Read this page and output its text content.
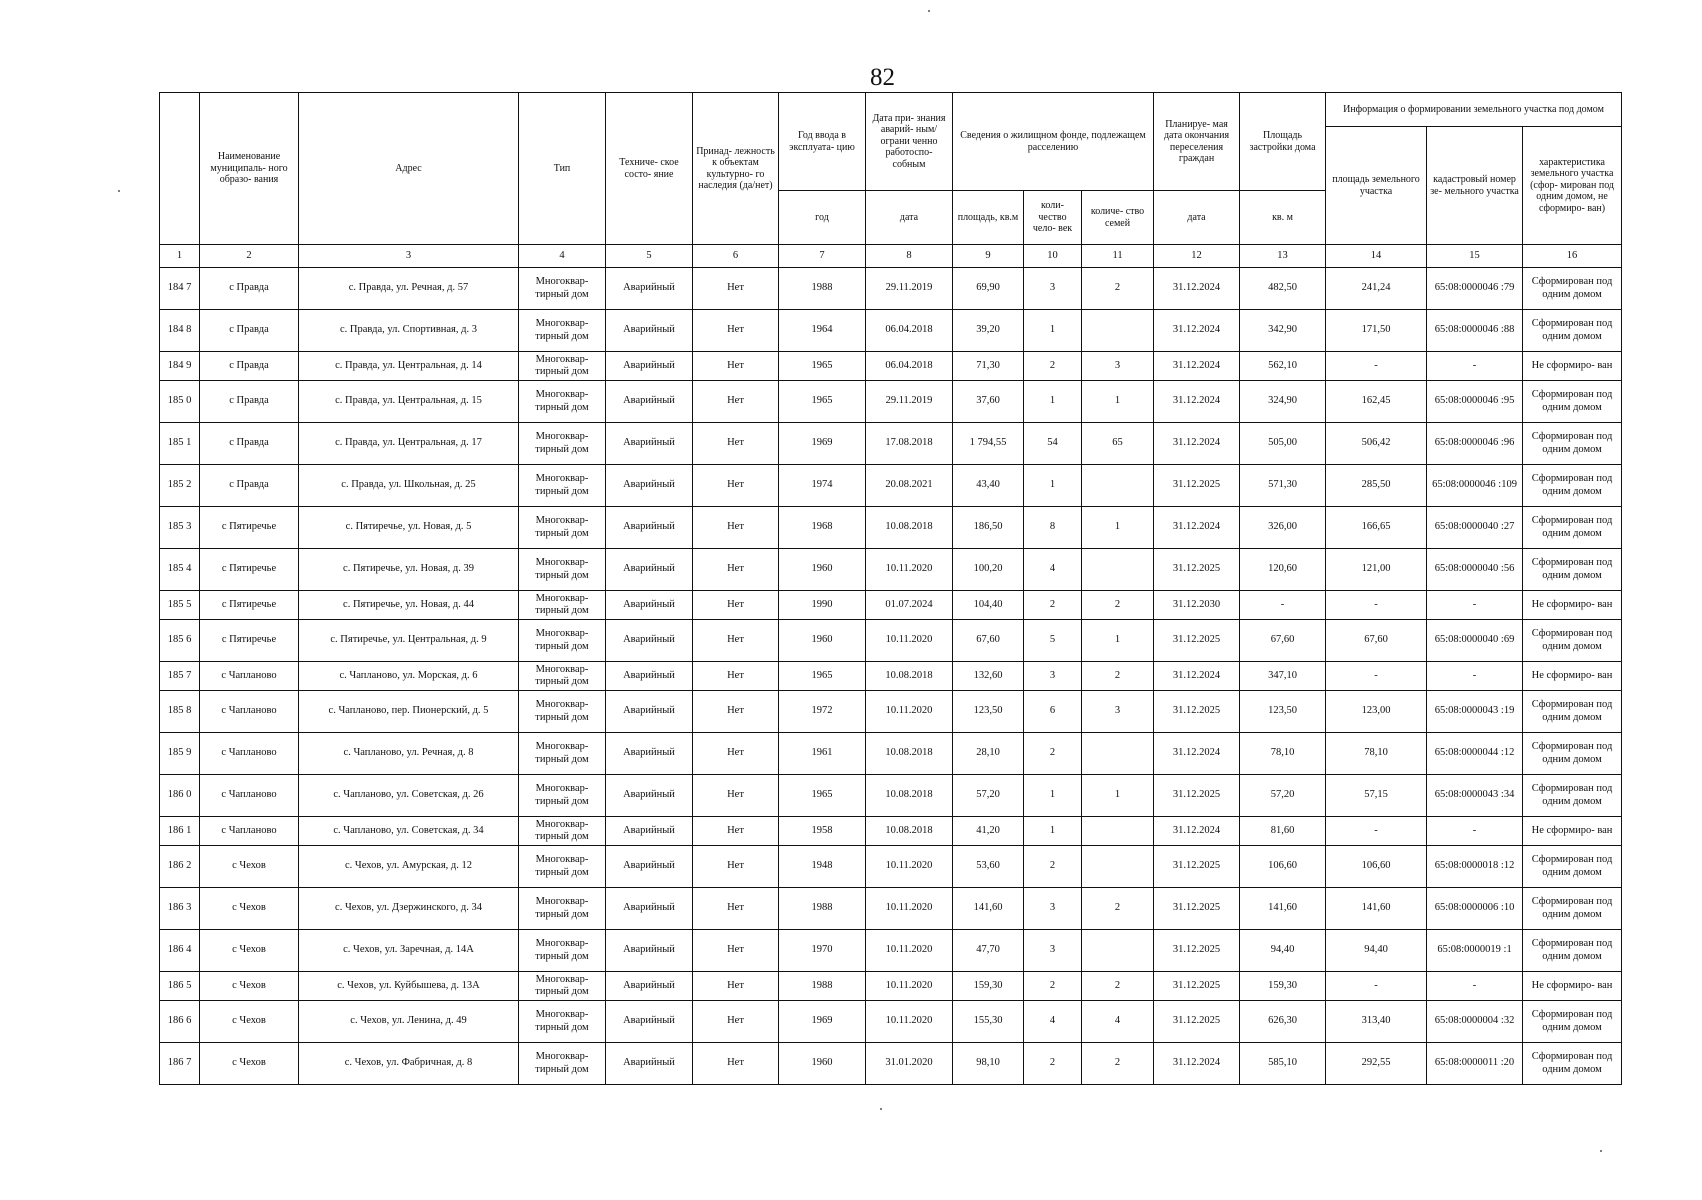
82
	Наименование муниципаль- ного образо- вания	Адрес	Тип	Техниче- ское состо- яние	Принад- лежность к объектам культурно- го наследия (да/нет)	Год ввода в эксплуата- цию	Дата при- знания аварий- ным/ограни ченно работоспо- собным	Сведения о жилищном фонде, подлежащем расселению			Планируе- мая дата окончания переселения граждан	Площадь застройки дома	Информация о формировании земельного участка под домом		
													площадь земельного участка	кадастровый номер зе- мельного участка	характеристика земельного участка (сфор- мирован под одним домом, не сформиро- ван)
						год	дата	площадь, кв.м	коли- чество чело- век	количе- ство семей	дата	кв. м			
1	2	3	4	5	6	7	8	9	10	11	12	13	14	15	16
184 7	с Правда	с. Правда, ул. Речная, д. 57	Многоквар- тирный дом	Аварийный	Нет	1988	29.11.2019	69,90	3	2	31.12.2024	482,50	241,24	65:08:0000046 :79	Сформирован под одним домом
184 8	с Правда	с. Правда, ул. Спортивная, д. 3	Многоквар- тирный дом	Аварийный	Нет	1964	06.04.2018	39,20	1		31.12.2024	342,90	171,50	65:08:0000046 :88	Сформирован под одним домом
184 9	с Правда	с. Правда, ул. Центральная, д. 14	Многоквар- тирный дом	Аварийный	Нет	1965	06.04.2018	71,30	2	3	31.12.2024	562,10	-	-	Не сформиро- ван
185 0	с Правда	с. Правда, ул. Центральная, д. 15	Многоквар- тирный дом	Аварийный	Нет	1965	29.11.2019	37,60	1	1	31.12.2024	324,90	162,45	65:08:0000046 :95	Сформирован под одним домом
185 1	с Правда	с. Правда, ул. Центральная, д. 17	Многоквар- тирный дом	Аварийный	Нет	1969	17.08.2018	1 794,55	54	65	31.12.2024	505,00	506,42	65:08:0000046 :96	Сформирован под одним домом
185 2	с Правда	с. Правда, ул. Школьная, д. 25	Многоквар- тирный дом	Аварийный	Нет	1974	20.08.2021	43,40	1		31.12.2025	571,30	285,50	65:08:0000046 :109	Сформирован под одним домом
185 3	с Пятиречье	с. Пятиречье, ул. Новая, д. 5	Многоквар- тирный дом	Аварийный	Нет	1968	10.08.2018	186,50	8	1	31.12.2024	326,00	166,65	65:08:0000040 :27	Сформирован под одним домом
185 4	с Пятиречье	с. Пятиречье, ул. Новая, д. 39	Многоквар- тирный дом	Аварийный	Нет	1960	10.11.2020	100,20	4		31.12.2025	120,60	121,00	65:08:0000040 :56	Сформирован под одним домом
185 5	с Пятиречье	с. Пятиречье, ул. Новая, д. 44	Многоквар- тирный дом	Аварийный	Нет	1990	01.07.2024	104,40	2	2	31.12.2030	-	-	-	Не сформиро- ван
185 6	с Пятиречье	с. Пятиречье, ул. Центральная, д. 9	Многоквар- тирный дом	Аварийный	Нет	1960	10.11.2020	67,60	5	1	31.12.2025	67,60	67,60	65:08:0000040 :69	Сформирован под одним домом
185 7	с Чапланово	с. Чапланово, ул. Морская, д. 6	Многоквар- тирный дом	Аварийный	Нет	1965	10.08.2018	132,60	3	2	31.12.2024	347,10	-	-	Не сформиро- ван
185 8	с Чапланово	с. Чапланово, пер. Пионерский, д. 5	Многоквар- тирный дом	Аварийный	Нет	1972	10.11.2020	123,50	6	3	31.12.2025	123,50	123,00	65:08:0000043 :19	Сформирован под одним домом
185 9	с Чапланово	с. Чапланово, ул. Речная, д. 8	Многоквар- тирный дом	Аварийный	Нет	1961	10.08.2018	28,10	2		31.12.2024	78,10	78,10	65:08:0000044 :12	Сформирован под одним домом
186 0	с Чапланово	с. Чапланово, ул. Советская, д. 26	Многоквар- тирный дом	Аварийный	Нет	1965	10.08.2018	57,20	1	1	31.12.2025	57,20	57,15	65:08:0000043 :34	Сформирован под одним домом
186 1	с Чапланово	с. Чапланово, ул. Советская, д. 34	Многоквар- тирный дом	Аварийный	Нет	1958	10.08.2018	41,20	1		31.12.2024	81,60	-	-	Не сформиро- ван
186 2	с Чехов	с. Чехов, ул. Амурская, д. 12	Многоквар- тирный дом	Аварийный	Нет	1948	10.11.2020	53,60	2		31.12.2025	106,60	106,60	65:08:0000018 :12	Сформирован под одним домом
186 3	с Чехов	с. Чехов, ул. Дзержинского, д. 34	Многоквар- тирный дом	Аварийный	Нет	1988	10.11.2020	141,60	3	2	31.12.2025	141,60	141,60	65:08:0000006 :10	Сформирован под одним домом
186 4	с Чехов	с. Чехов, ул. Заречная, д. 14А	Многоквар- тирный дом	Аварийный	Нет	1970	10.11.2020	47,70	3		31.12.2025	94,40	94,40	65:08:0000019 :1	Сформирован под одним домом
186 5	с Чехов	с. Чехов, ул. Куйбышева, д. 13А	Многоквар- тирный дом	Аварийный	Нет	1988	10.11.2020	159,30	2	2	31.12.2025	159,30	-	-	Не сформиро- ван
186 6	с Чехов	с. Чехов, ул. Ленина, д. 49	Многоквар- тирный дом	Аварийный	Нет	1969	10.11.2020	155,30	4	4	31.12.2025	626,30	313,40	65:08:0000004 :32	Сформирован под одним домом
186 7	с Чехов	с. Чехов, ул. Фабричная, д. 8	Многоквар- тирный дом	Аварийный	Нет	1960	31.01.2020	98,10	2	2	31.12.2024	585,10	292,55	65:08:0000011 :20	Сформирован под одним домом
